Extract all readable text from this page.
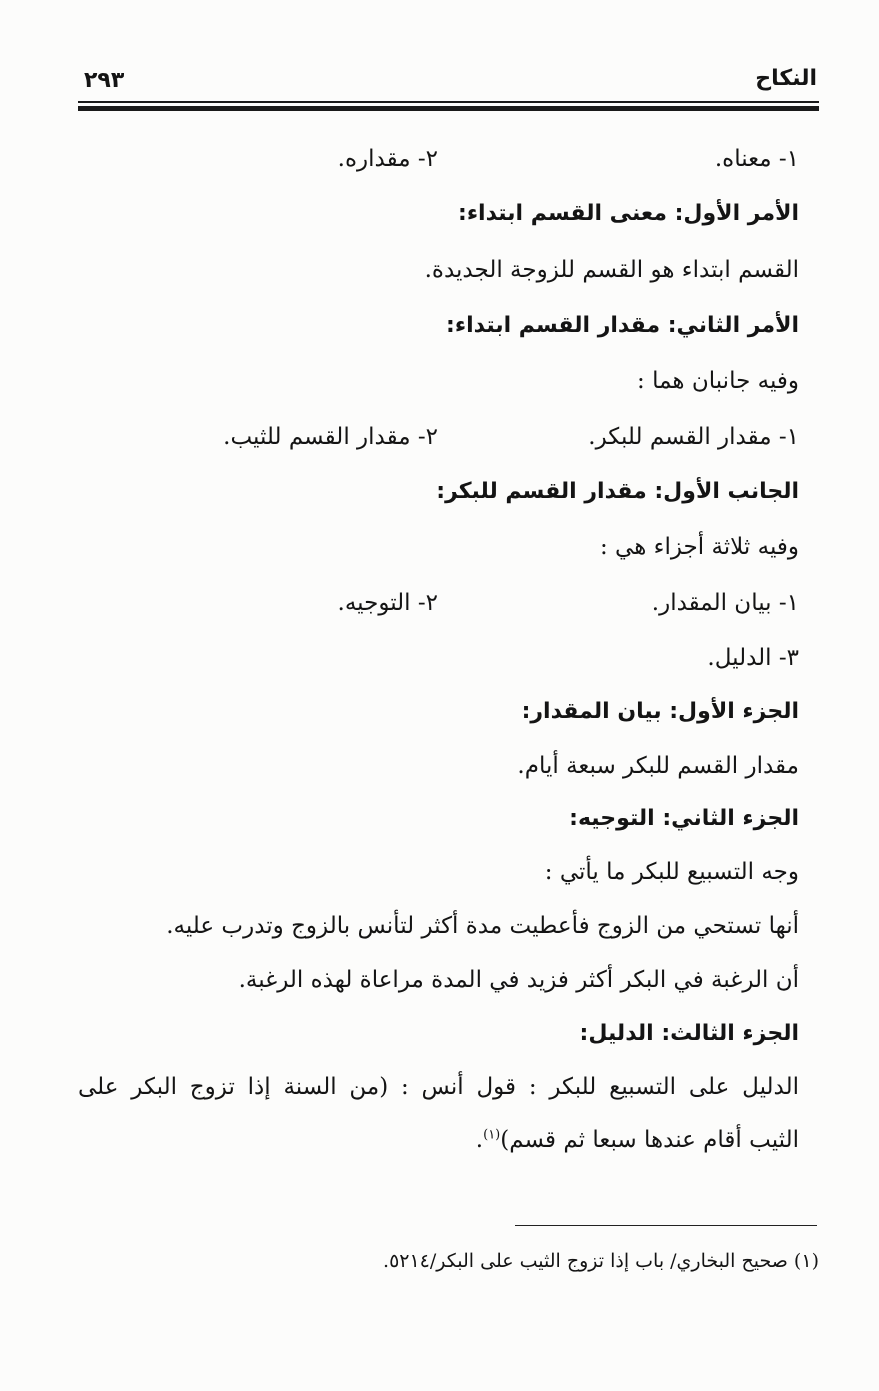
النكاح
٢٩٣
١- معناه.
٢- مقداره.
الأمر الأول: معنى القسم ابتداء:
القسم ابتداء هو القسم للزوجة الجديدة.
الأمر الثاني: مقدار القسم ابتداء:
وفيه جانبان هما :
١- مقدار القسم للبكر.
٢- مقدار القسم للثيب.
الجانب الأول: مقدار القسم للبكر:
وفيه ثلاثة أجزاء هي :
١- بيان المقدار.
٢- التوجيه.
٣- الدليل.
الجزء الأول: بيان المقدار:
مقدار القسم للبكر سبعة أيام.
الجزء الثاني: التوجيه:
وجه التسبيع للبكر ما يأتي :
أنها تستحي من الزوج فأعطيت مدة أكثر لتأنس بالزوج وتدرب عليه.
أن الرغبة في البكر أكثر فزيد في المدة مراعاة لهذه الرغبة.
الجزء الثالث: الدليل:
الدليل على التسبيع للبكر : قول أنس : (من السنة إذا تزوج البكر على
الثيب أقام عندها سبعا ثم قسم)$^{(١)}$.
(١) صحيح البخاري/ باب إذا تزوج الثيب على البكر/٥٢١٤.
